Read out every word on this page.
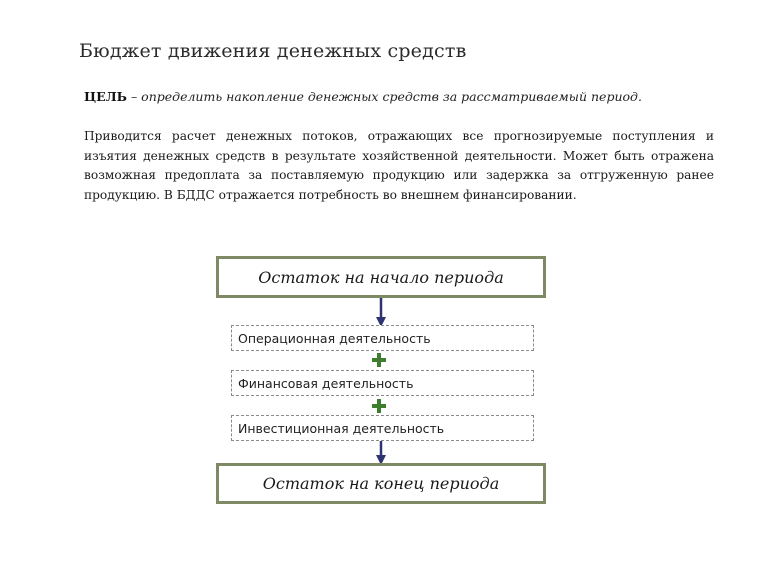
Бюджет движения денежных средств
ЦЕЛЬ – определить накопление денежных средств за рассматриваемый период.
Приводится расчет денежных потоков, отражающих все прогнозируемые поступления и изъятия денежных средств в результате хозяйственной деятельности. Может быть отражена возможная предоплата за поставляемую продукцию или задержка за отгруженную ранее продукцию. В БДДС отражается потребность во внешнем финансировании.
Остаток на начало периода
Операционная деятельность
Финансовая деятельность
Инвестиционная деятельность
Остаток на конец периода
